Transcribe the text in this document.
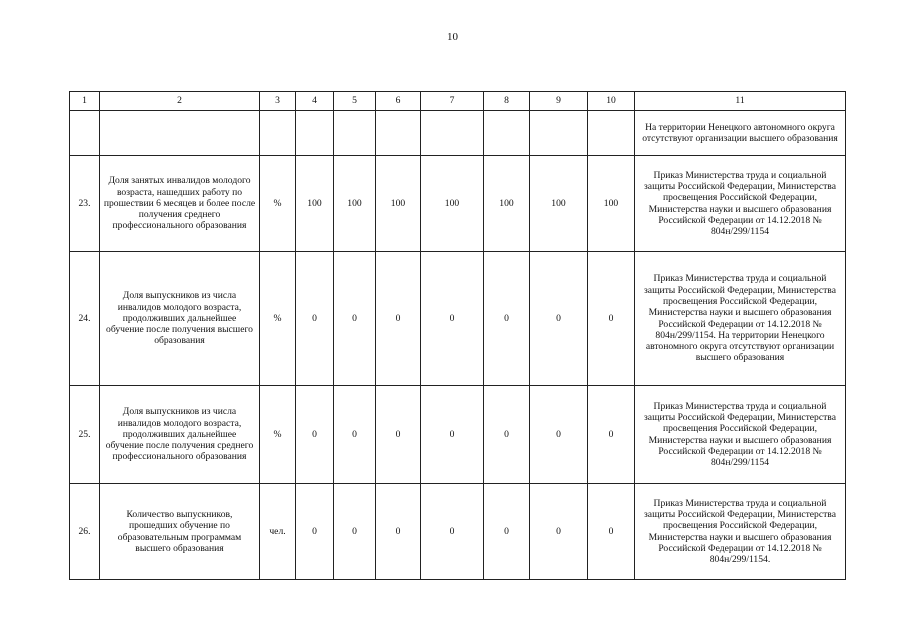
10
1	2	3	4	5	6	7	8	9	10	11
										На территории Ненецкого автономного округа отсутствуют организации высшего образования
23.	Доля занятых инвалидов молодого возраста, нашедших работу по прошествии 6 месяцев и более после получения среднего профессионального образования	%	100	100	100	100	100	100	100	Приказ Министерства труда и социальной защиты Российской Федерации, Министерства просвещения Российской Федерации, Министерства науки и высшего образования Российской Федерации от 14.12.2018 № 804н/299/1154
24.	Доля выпускников из числа инвалидов молодого возраста, продолживших дальнейшее обучение после получения высшего образования	%	0	0	0	0	0	0	0	Приказ Министерства труда и социальной защиты Российской Федерации, Министерства просвещения Российской Федерации, Министерства науки и высшего образования Российской Федерации от 14.12.2018 № 804н/299/1154. На территории Ненецкого автономного округа отсутствуют организации высшего образования
25.	Доля выпускников из числа инвалидов молодого возраста, продолживших дальнейшее обучение после получения среднего профессионального образования	%	0	0	0	0	0	0	0	Приказ Министерства труда и социальной защиты Российской Федерации, Министерства просвещения Российской Федерации, Министерства науки и высшего образования Российской Федерации от 14.12.2018 № 804н/299/1154
26.	Количество выпускников, прошедших обучение по образовательным программам высшего образования	чел.	0	0	0	0	0	0	0	Приказ Министерства труда и социальной защиты Российской Федерации, Министерства просвещения Российской Федерации, Министерства науки и высшего образования Российской Федерации от 14.12.2018 № 804н/299/1154.
